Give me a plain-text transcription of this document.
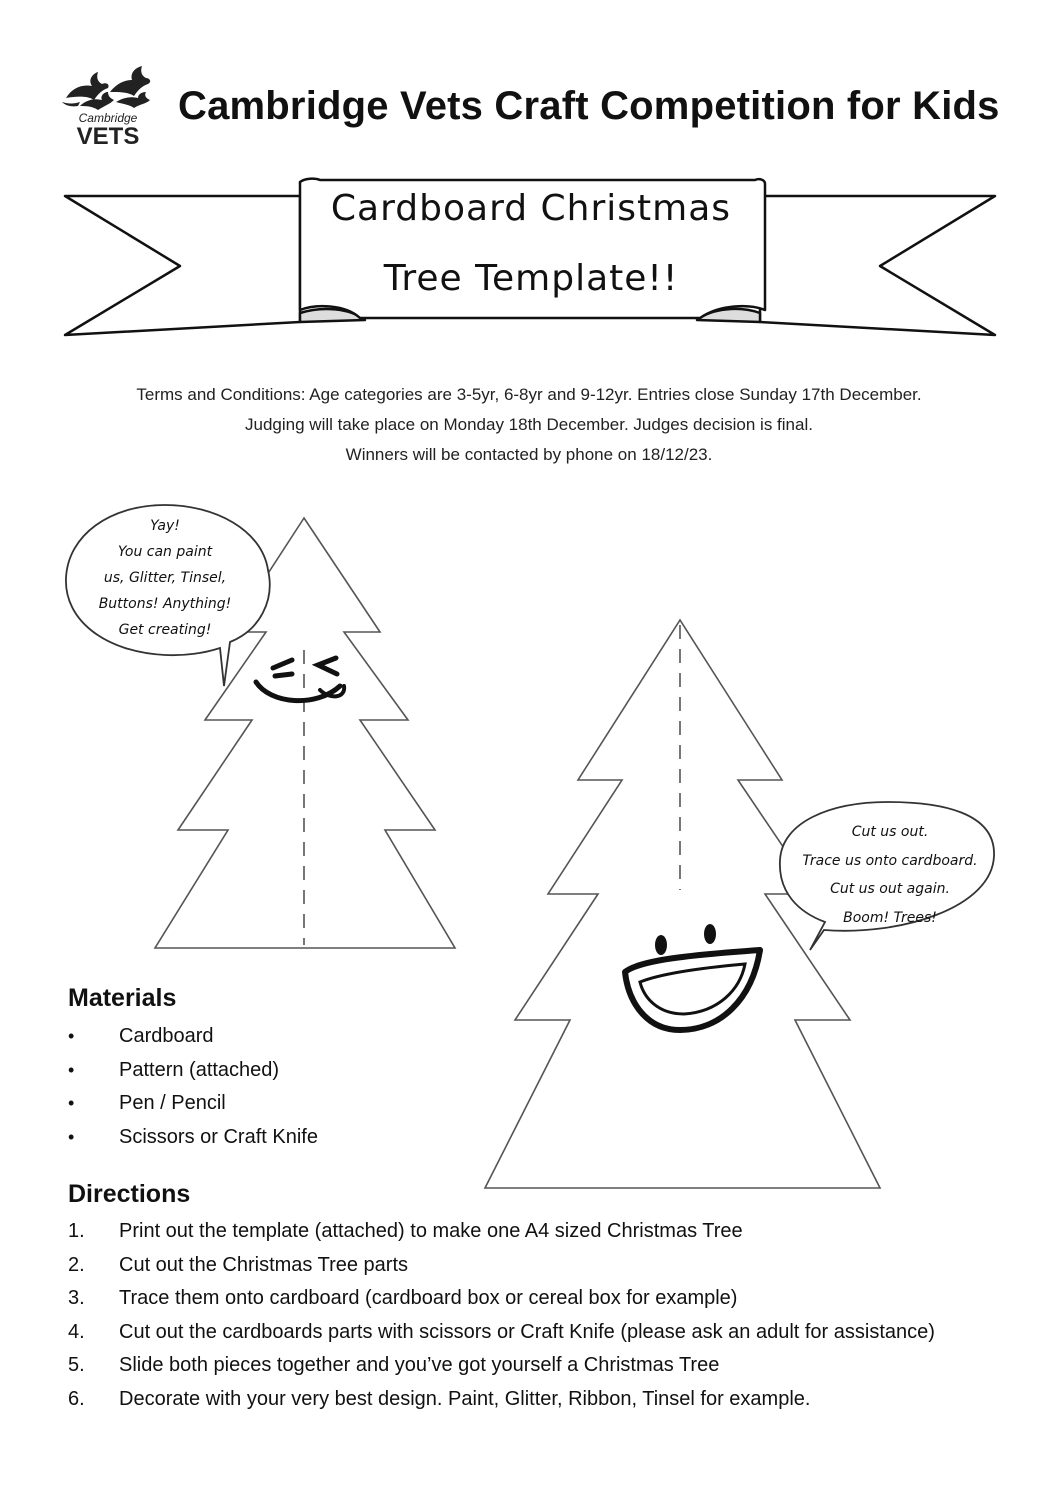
Cambridge
VETS
Cambridge Vets Craft Competition for Kids
Cardboard Christmas
Tree Template!!
Terms and Conditions: Age categories are 3-5yr, 6-8yr and 9-12yr. Entries close Sunday 17th December.
Judging will take place on Monday 18th December. Judges decision is final.
Winners will be contacted by phone on 18/12/23.
Yay!
You can paint
us, Glitter, Tinsel,
Buttons! Anything!
Get creating!
Cut us out.
Trace us onto cardboard.
Cut us out again.
Boom! Trees!
Materials
•	Cardboard
•	Pattern (attached)
•	Pen / Pencil
•	Scissors or Craft Knife
Directions
1.	Print out the template (attached) to make one A4 sized Christmas Tree
2.	Cut out the Christmas Tree parts
3.	Trace them onto cardboard (cardboard box or cereal box for example)
4.	Cut out the cardboards parts with scissors or Craft Knife (please ask an adult for assistance)
5.	Slide both pieces together and you’ve got yourself a Christmas Tree
6.	Decorate with your very best design. Paint, Glitter, Ribbon, Tinsel for example.
